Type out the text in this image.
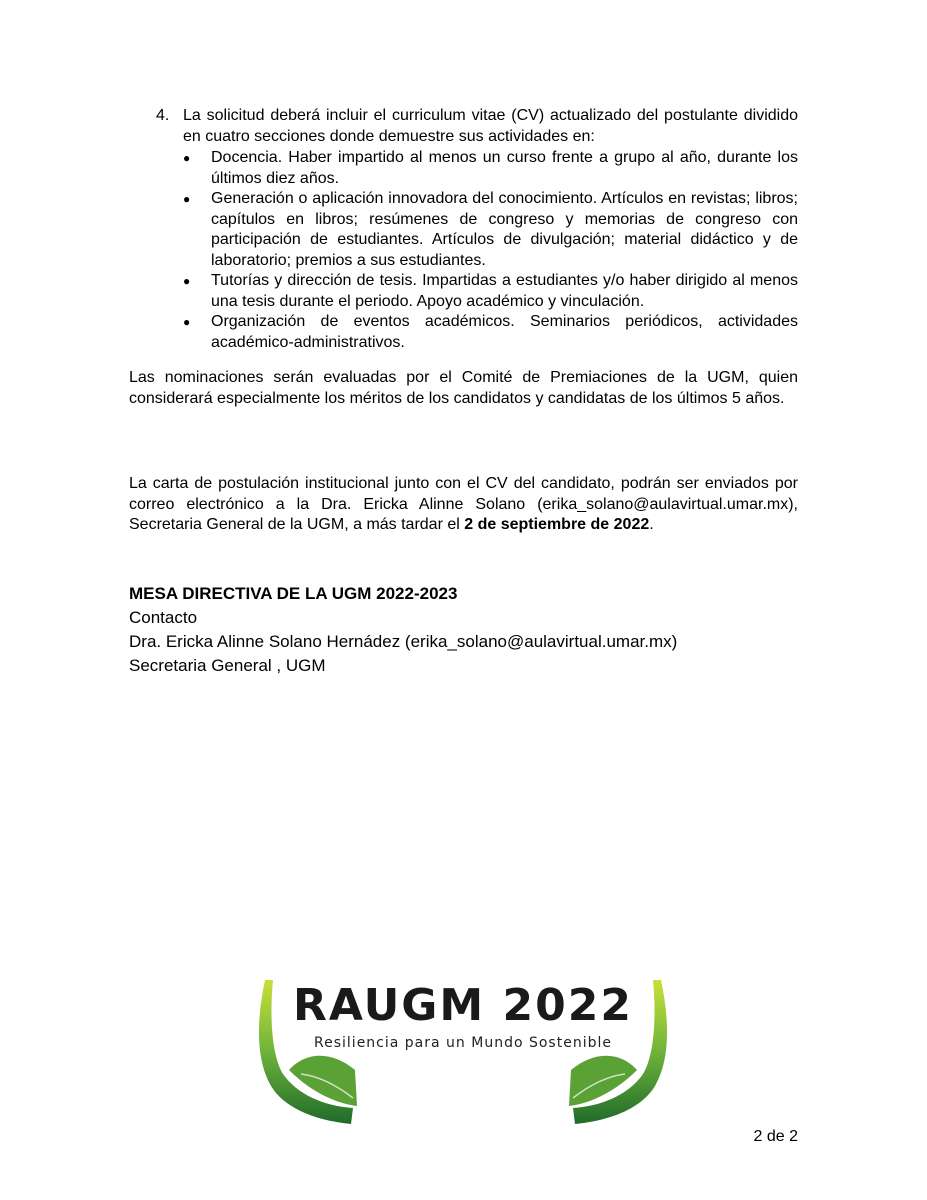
4. La solicitud deberá incluir el curriculum vitae (CV) actualizado del postulante dividido en cuatro secciones donde demuestre sus actividades en:
● Docencia. Haber impartido al menos un curso frente a grupo al año, durante los últimos diez años.
● Generación o aplicación innovadora del conocimiento. Artículos en revistas; libros; capítulos en libros; resúmenes de congreso y memorias de congreso con participación de estudiantes. Artículos de divulgación; material didáctico y de laboratorio; premios a sus estudiantes.
● Tutorías y dirección de tesis. Impartidas a estudiantes y/o haber dirigido al menos una tesis durante el periodo. Apoyo académico y vinculación.
● Organización de eventos académicos. Seminarios periódicos, actividades académico-administrativos.

Las nominaciones serán evaluadas por el Comité de Premiaciones de la UGM, quien considerará especialmente los méritos de los candidatos y candidatas de los últimos 5 años.

La carta de postulación institucional junto con el CV del candidato, podrán ser enviados por correo electrónico a la Dra. Ericka Alinne Solano (erika_solano@aulavirtual.umar.mx), Secretaria General de la UGM, a más tardar el 2 de septiembre de 2022.

MESA DIRECTIVA DE LA UGM 2022-2023
Contacto
Dra. Ericka Alinne Solano Hernádez (erika_solano@aulavirtual.umar.mx)
Secretaria General , UGM
RAUGM 2022
Resiliencia para un Mundo Sostenible
2 de 2
